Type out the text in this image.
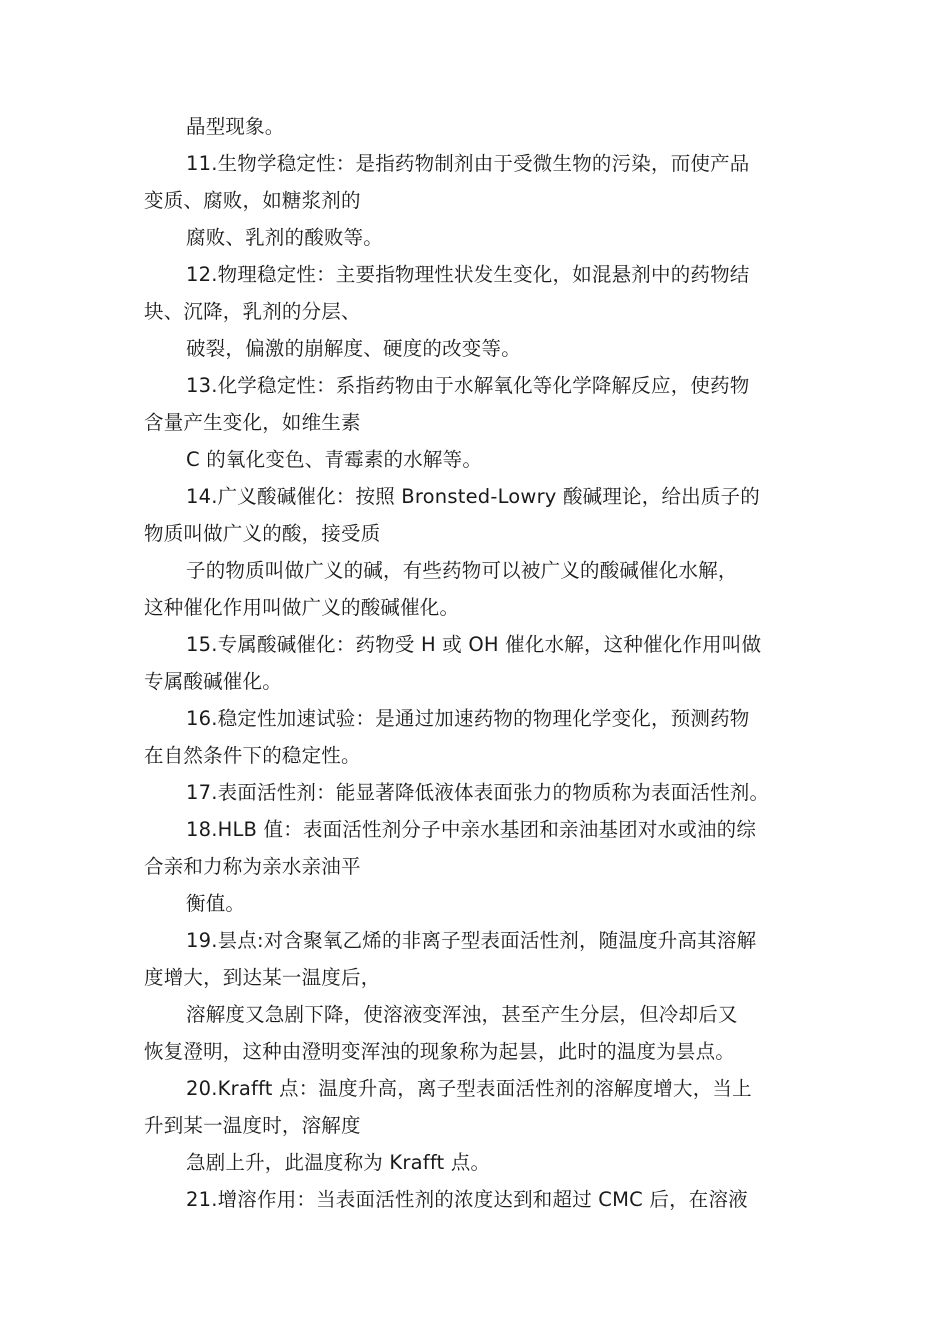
晶型现象。
11.生物学稳定性：是指药物制剂由于受微生物的污染，而使产品
变质、腐败，如糖浆剂的
腐败、乳剂的酸败等。
12.物理稳定性：主要指物理性状发生变化，如混悬剂中的药物结
块、沉降，乳剂的分层、
破裂，偏激的崩解度、硬度的改变等。
13.化学稳定性：系指药物由于水解氧化等化学降解反应，使药物
含量产生变化，如维生素
C 的氧化变色、青霉素的水解等。
14.广义酸碱催化：按照 Bronsted-Lowry 酸碱理论，给出质子的
物质叫做广义的酸，接受质
子的物质叫做广义的碱，有些药物可以被广义的酸碱催化水解，
这种催化作用叫做广义的酸碱催化。
15.专属酸碱催化：药物受 H 或 OH 催化水解，这种催化作用叫做
专属酸碱催化。
16.稳定性加速试验：是通过加速药物的物理化学变化，预测药物
在自然条件下的稳定性。
17.表面活性剂：能显著降低液体表面张力的物质称为表面活性剂。
18.HLB 值：表面活性剂分子中亲水基团和亲油基团对水或油的综
合亲和力称为亲水亲油平
衡值。
19.昙点:对含聚氧乙烯的非离子型表面活性剂，随温度升高其溶解
度增大，到达某一温度后，
溶解度又急剧下降，使溶液变浑浊，甚至产生分层，但冷却后又
恢复澄明，这种由澄明变浑浊的现象称为起昙，此时的温度为昙点。
20.Krafft 点：温度升高，离子型表面活性剂的溶解度增大，当上
升到某一温度时，溶解度
急剧上升，此温度称为 Krafft 点。
21.增溶作用：当表面活性剂的浓度达到和超过 CMC 后，在溶液
